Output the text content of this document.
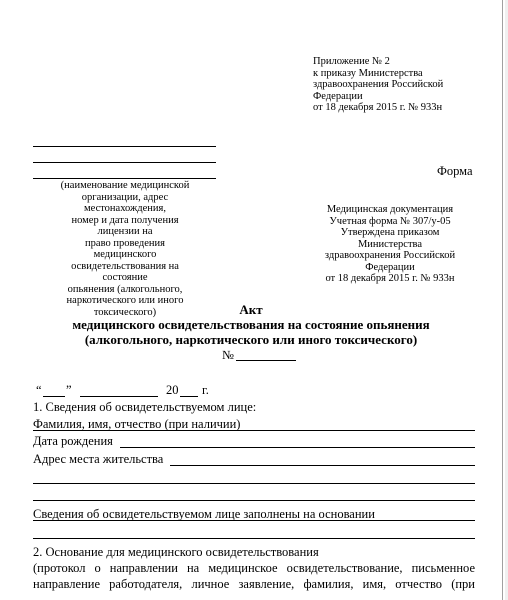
Приложение № 2
к приказу Министерства
здравоохранения Российской
Федерации
от 18 декабря 2015 г. № 933н
Форма
(наименование медицинской
организации, адрес местонахождения,
номер и дата получения лицензии на
право проведения медицинского
освидетельствования на состояние
опьянения (алкогольного,
наркотического или иного
токсического)
Медицинская документация
Учетная форма № 307/у-05
Утверждена приказом Министерства
здравоохранения Российской
Федерации
от 18 декабря 2015 г. № 933н
Акт
медицинского освидетельствования на состояние опьянения
(алкогольного, наркотического или иного токсического)
№
“ ”	20 г.
1. Сведения об освидетельствуемом лице:
Фамилия, имя, отчество (при наличии)
Дата рождения
Адрес места жительства
Сведения об освидетельствуемом лице заполнены на основании
2. Основание для медицинского освидетельствования
(протокол о направлении на медицинское освидетельствование, письменное
направление работодателя, личное заявление, фамилия, имя, отчество (при
